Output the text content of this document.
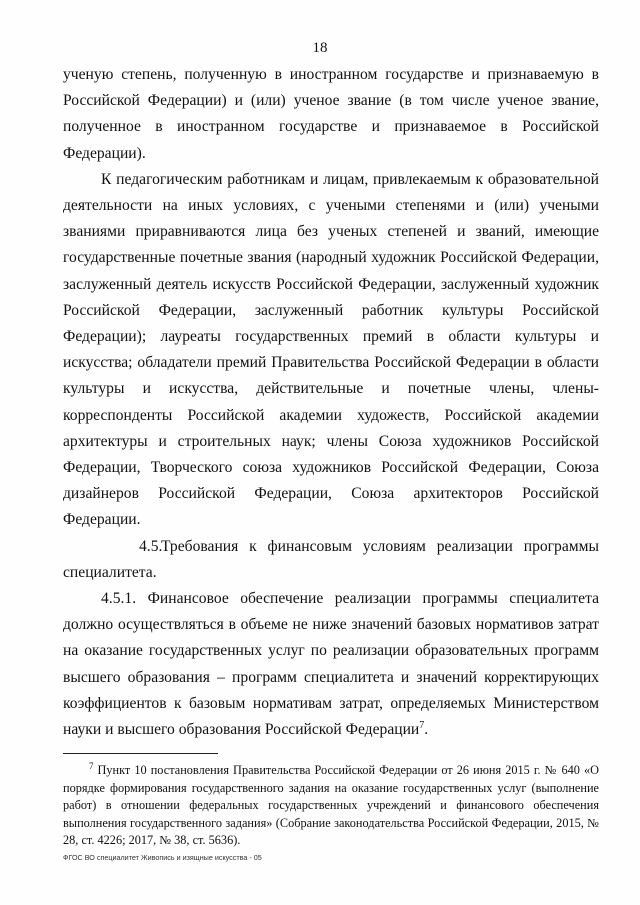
18

ученую степень, полученную в иностранном государстве и признаваемую в Российской Федерации) и (или) ученое звание (в том числе ученое звание, полученное в иностранном государстве и признаваемое в Российской Федерации).

К педагогическим работникам и лицам, привлекаемым к образовательной деятельности на иных условиях, с учеными степенями и (или) учеными званиями приравниваются лица без ученых степеней и званий, имеющие государственные почетные звания (народный художник Российской Федерации, заслуженный деятель искусств Российской Федерации, заслуженный художник Российской Федерации, заслуженный работник культуры Российской Федерации); лауреаты государственных премий в области культуры и искусства; обладатели премий Правительства Российской Федерации в области культуры и искусства, действительные и почетные члены, члены-корреспонденты Российской академии художеств, Российской академии архитектуры и строительных наук; члены Союза художников Российской Федерации, Творческого союза художников Российской Федерации, Союза дизайнеров Российской Федерации, Союза архитекторов Российской Федерации.

4.5.Требования к финансовым условиям реализации программы специалитета.

4.5.1. Финансовое обеспечение реализации программы специалитета должно осуществляться в объеме не ниже значений базовых нормативов затрат на оказание государственных услуг по реализации образовательных программ высшего образования – программ специалитета и значений корректирующих коэффициентов к базовым нормативам затрат, определяемых Министерством науки и высшего образования Российской Федерации$^7$.

$^7$ Пункт 10 постановления Правительства Российской Федерации от 26 июня 2015 г. № 640 «О порядке формирования государственного задания на оказание государственных услуг (выполнение работ) в отношении федеральных государственных учреждений и финансового обеспечения выполнения государственного задания» (Собрание законодательства Российской Федерации, 2015, № 28, ст. 4226; 2017, № 38, ст. 5636).
ФГОС ВО специалитет Живопись и изящные искусства - 05
